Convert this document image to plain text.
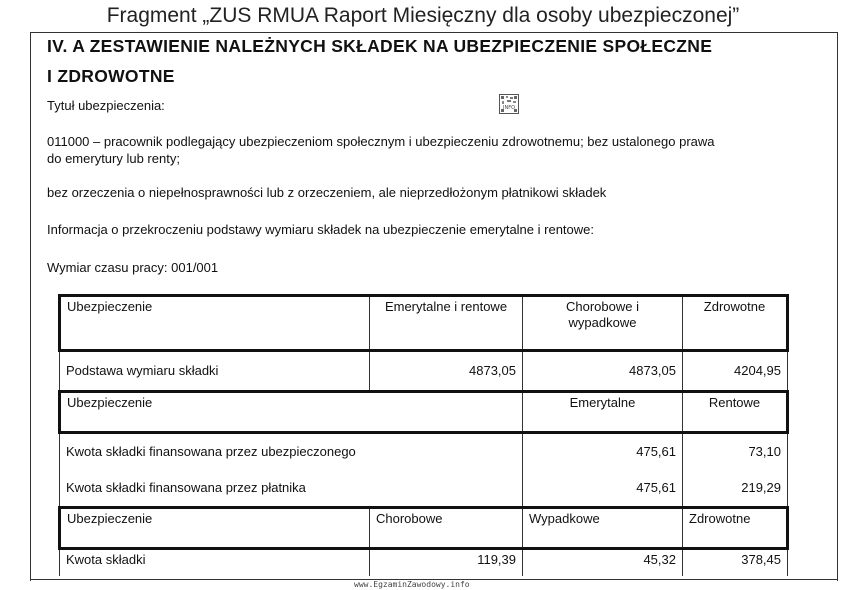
Fragment „ZUS RMUA Raport Miesięczny dla osoby ubezpieczonej”
IV. A ZESTAWIENIE NALEŻNYCH SKŁADEK NA UBEZPIECZENIE SPOŁECZNE
I ZDROWOTNE
Tytuł ubezpieczenia:	INFO
011000 – pracownik podlegający ubezpieczeniom społecznym i ubezpieczeniu zdrowotnemu; bez ustalonego prawa
do emerytury lub renty;
bez orzeczenia o niepełnosprawności lub z orzeczeniem, ale nieprzedłożonym płatnikowi składek
Informacja o przekroczeniu podstawy wymiaru składek na ubezpieczenie emerytalne i rentowe:
Wymiar czasu pracy: 001/001
Ubezpieczenie	Emerytalne i rentowe	Chorobowe i
wypadkowe	Zdrowotne
Podstawa wymiaru składki	4873,05	4873,05	4204,95
Ubezpieczenie		Emerytalne	Rentowe
Kwota składki finansowana przez ubezpieczonego		475,61	73,10
Kwota składki finansowana przez płatnika		475,61	219,29
Ubezpieczenie	Chorobowe	Wypadkowe	Zdrowotne
Kwota składki	119,39	45,32	378,45
www.EgzaminZawodowy.info
